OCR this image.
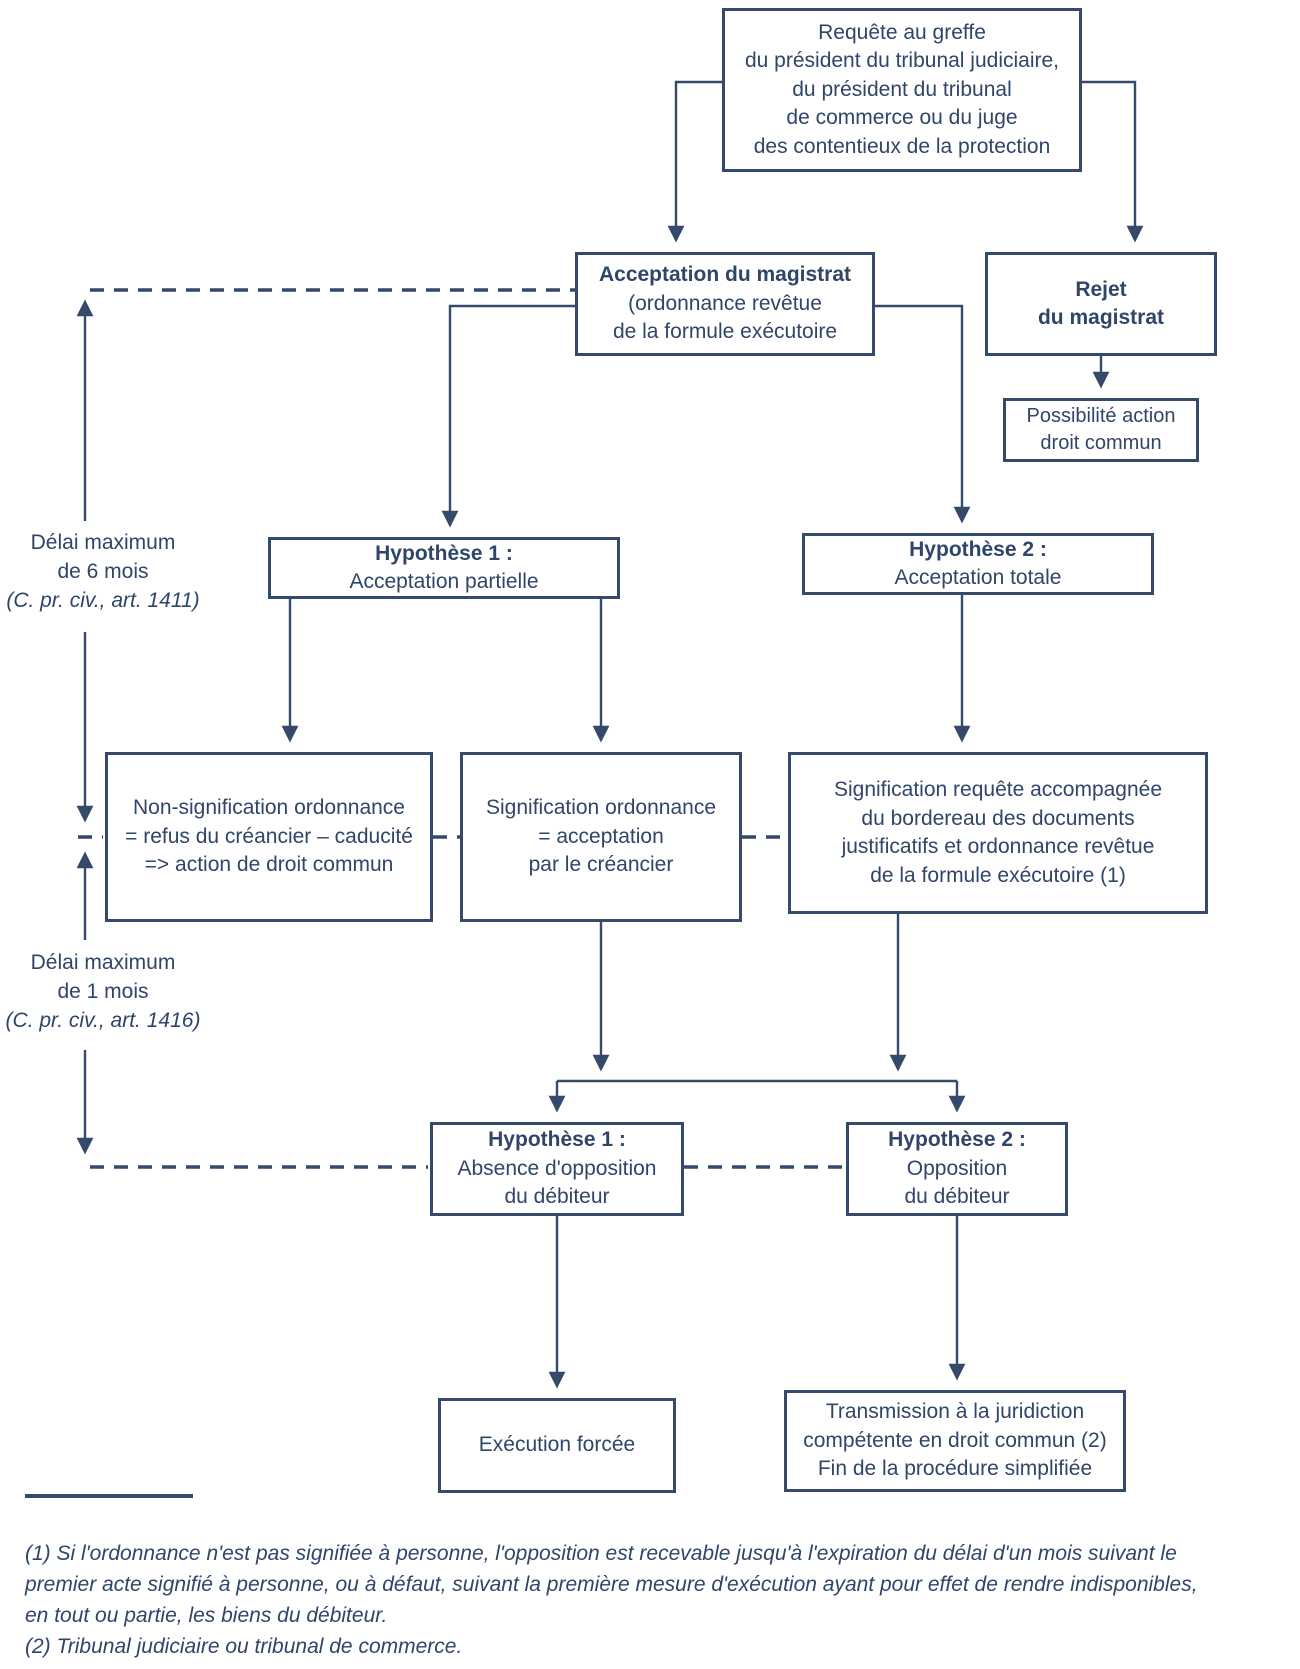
Requête au greffe
du président du tribunal judiciaire,
du président du tribunal
de commerce ou du juge
des contentieux de la protection
Acceptation du magistrat
(ordonnance revêtue
de la formule exécutoire
Rejet
du magistrat
Possibilité action
droit commun
Hypothèse 1 :
Acceptation partielle
Hypothèse 2 :
Acceptation totale
Non-signification ordonnance
= refus du créancier – caducité
=> action de droit commun
Signification ordonnance
= acceptation
par le créancier
Signification requête accompagnée
du bordereau des documents
justificatifs et ordonnance revêtue
de la formule exécutoire (1)
Hypothèse 1 :
Absence d'opposition
du débiteur
Hypothèse 2 :
Opposition
du débiteur
Exécution forcée
Transmission à la juridiction
compétente en droit commun (2)
Fin de la procédure simplifiée
Délai maximum
de 6 mois
(C. pr. civ., art. 1411)
Délai maximum
de 1 mois
(C. pr. civ., art. 1416)

(1) Si l'ordonnance n'est pas signifiée à personne, l'opposition est recevable jusqu'à l'expiration du délai d'un mois suivant le premier acte signifié à personne, ou à défaut, suivant la première mesure d'exécution ayant pour effet de rendre indisponibles, en tout ou partie, les biens du débiteur.

(2) Tribunal judiciaire ou tribunal de commerce.
